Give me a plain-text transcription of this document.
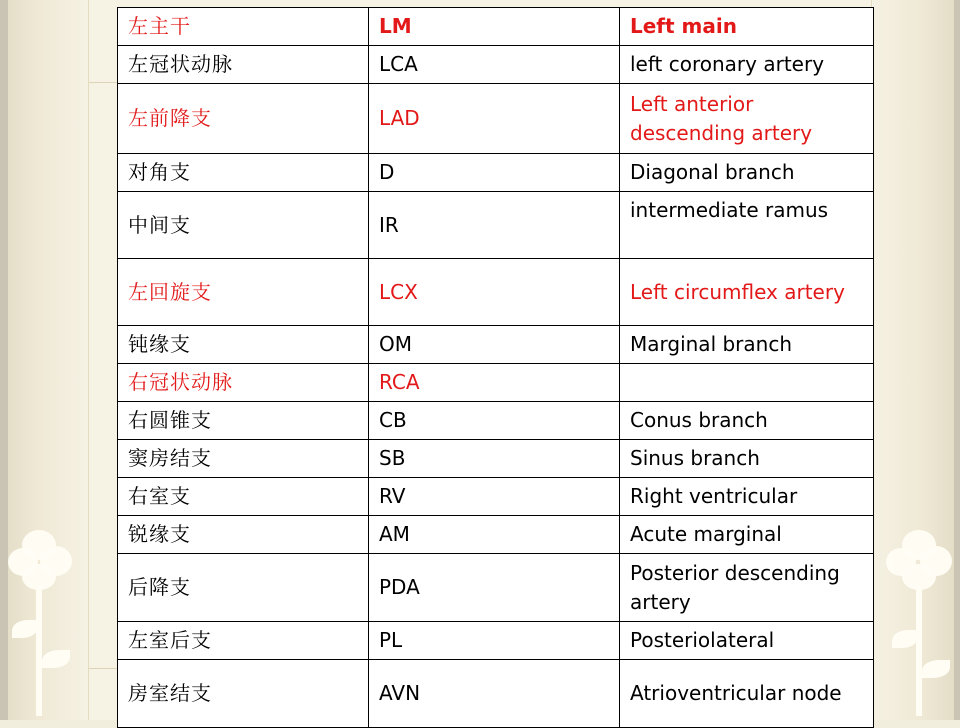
左主干	LM	Left main
左冠状动脉	LCA	left coronary artery
左前降支	LAD	Left anterior descending artery
对角支	D	Diagonal branch
中间支	IR	intermediate ramus
左回旋支	LCX	Left circumflex artery
钝缘支	OM	Marginal branch
右冠状动脉	RCA	
右圆锥支	CB	Conus branch
窦房结支	SB	Sinus branch
右室支	RV	Right ventricular
锐缘支	AM	Acute marginal
后降支	PDA	Posterior descending artery
左室后支	PL	Posteriolateral
房室结支	AVN	Atrioventricular node
